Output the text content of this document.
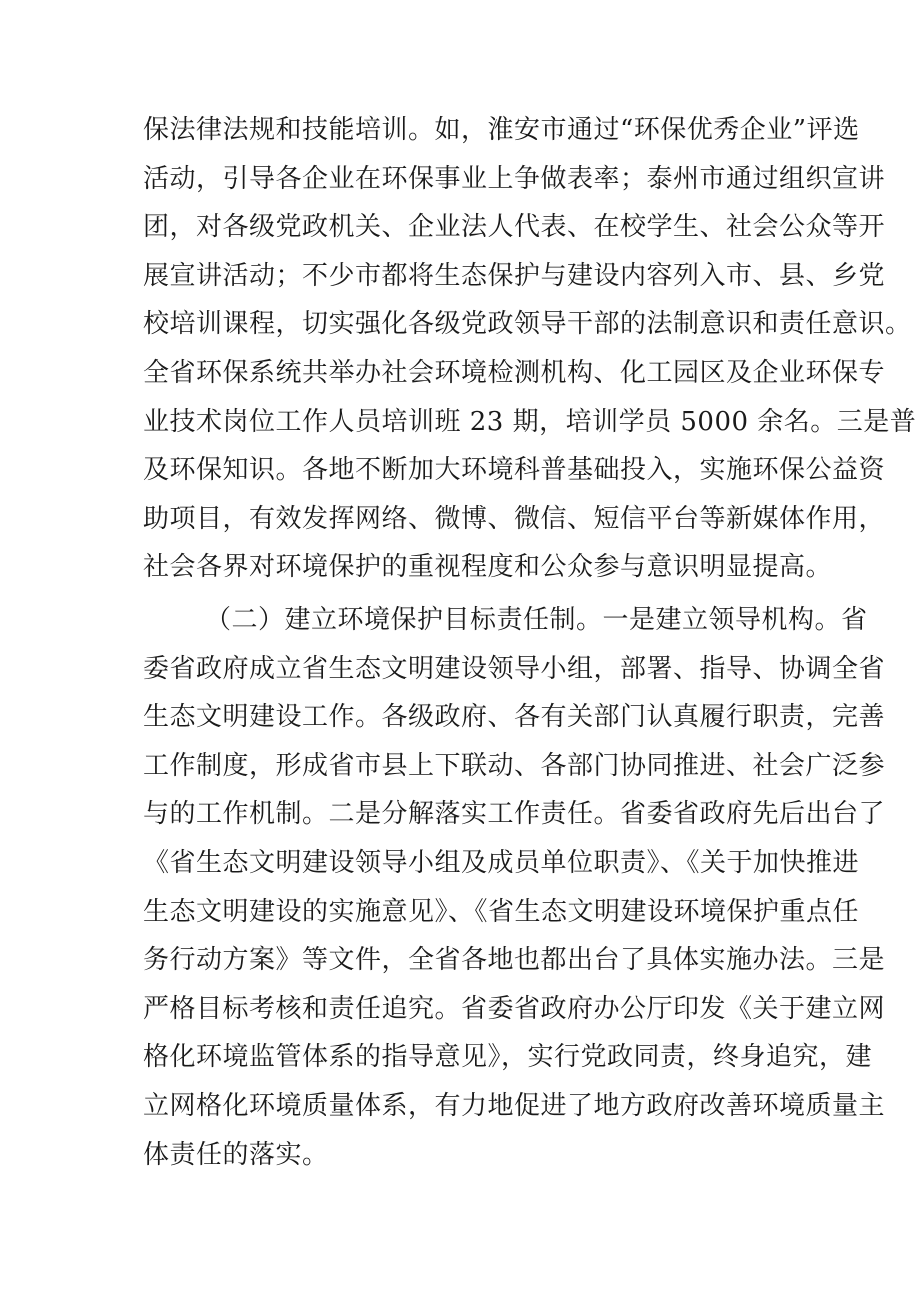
保法律法规和技能培训。如，淮安市通过“环保优秀企业”评选
活动，引导各企业在环保事业上争做表率；泰州市通过组织宣讲
团，对各级党政机关、企业法人代表、在校学生、社会公众等开
展宣讲活动；不少市都将生态保护与建设内容列入市、县、乡党
校培训课程，切实强化各级党政领导干部的法制意识和责任意识。
全省环保系统共举办社会环境检测机构、化工园区及企业环保专
业技术岗位工作人员培训班 23 期，培训学员 5000 余名。三是普
及环保知识。各地不断加大环境科普基础投入，实施环保公益资
助项目，有效发挥网络、微博、微信、短信平台等新媒体作用，
社会各界对环境保护的重视程度和公众参与意识明显提高。
（二）建立环境保护目标责任制。一是建立领导机构。省
委省政府成立省生态文明建设领导小组，部署、指导、协调全省
生态文明建设工作。各级政府、各有关部门认真履行职责，完善
工作制度，形成省市县上下联动、各部门协同推进、社会广泛参
与的工作机制。二是分解落实工作责任。省委省政府先后出台了
《省生态文明建设领导小组及成员单位职责》、《关于加快推进
生态文明建设的实施意见》、《省生态文明建设环境保护重点任
务行动方案》等文件，全省各地也都出台了具体实施办法。三是
严格目标考核和责任追究。省委省政府办公厅印发《关于建立网
格化环境监管体系的指导意见》，实行党政同责，终身追究，建
立网格化环境质量体系，有力地促进了地方政府改善环境质量主
体责任的落实。
